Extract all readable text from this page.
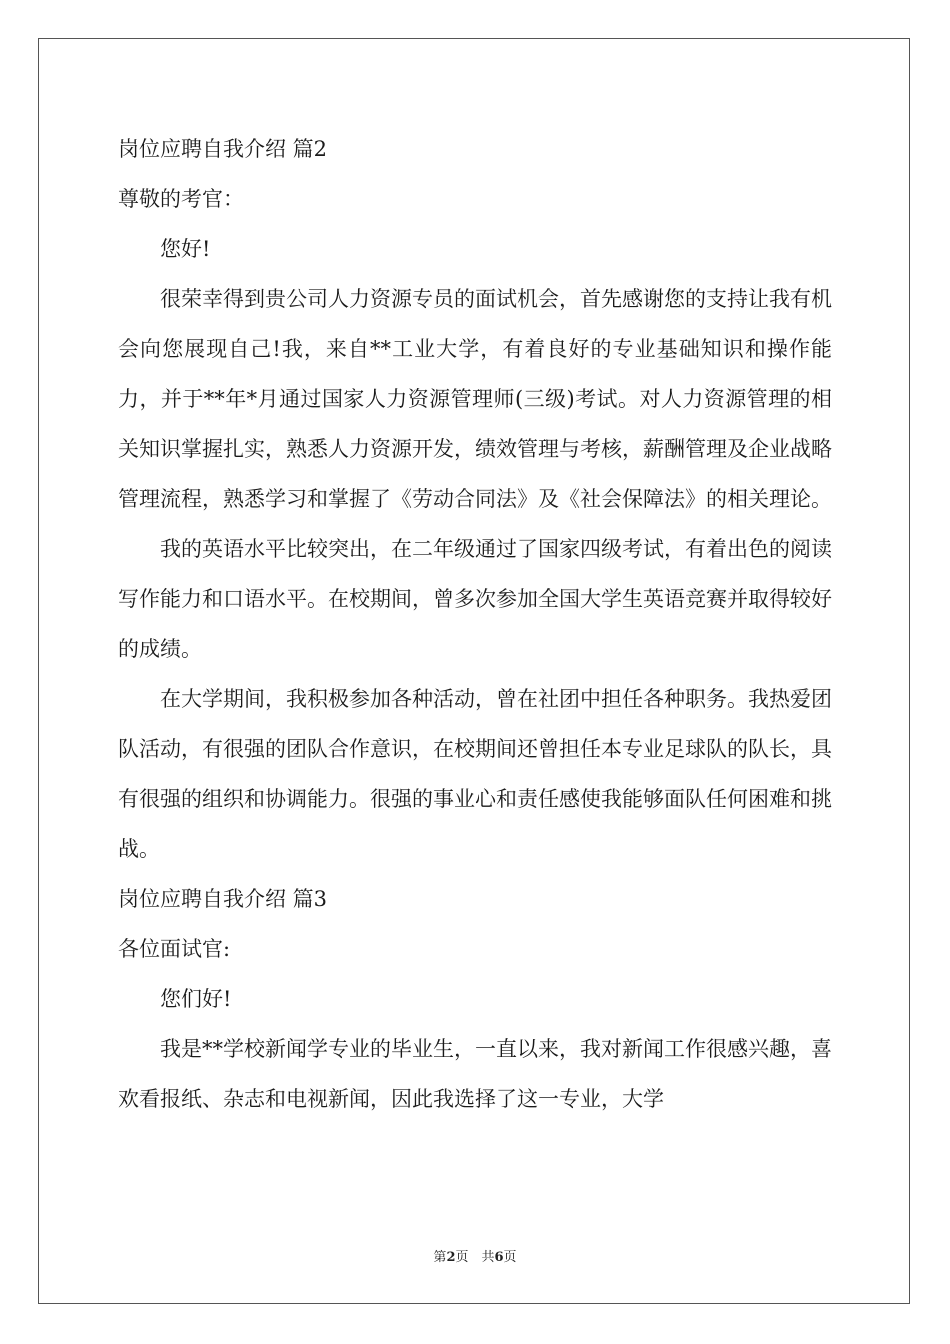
岗位应聘自我介绍 篇2
尊敬的考官：
您好!

很荣幸得到贵公司人力资源专员的面试机会，首先感谢您的支持让我有机会向您展现自己!我，来自**工业大学，有着良好的专业基础知识和操作能力，并于**年*月通过国家人力资源管理师(三级)考试。对人力资源管理的相关知识掌握扎实，熟悉人力资源开发，绩效管理与考核，薪酬管理及企业战略管理流程，熟悉学习和掌握了《劳动合同法》及《社会保障法》的相关理论。

我的英语水平比较突出，在二年级通过了国家四级考试，有着出色的阅读写作能力和口语水平。在校期间，曾多次参加全国大学生英语竞赛并取得较好的成绩。

在大学期间，我积极参加各种活动，曾在社团中担任各种职务。我热爱团队活动，有很强的团队合作意识，在校期间还曾担任本专业足球队的队长，具有很强的组织和协调能力。很强的事业心和责任感使我能够面队任何困难和挑战。

岗位应聘自我介绍 篇3
各位面试官:
您们好!

我是**学校新闻学专业的毕业生，一直以来，我对新闻工作很感兴趣，喜欢看报纸、杂志和电视新闻，因此我选择了这一专业，大学

第2页　共6页
